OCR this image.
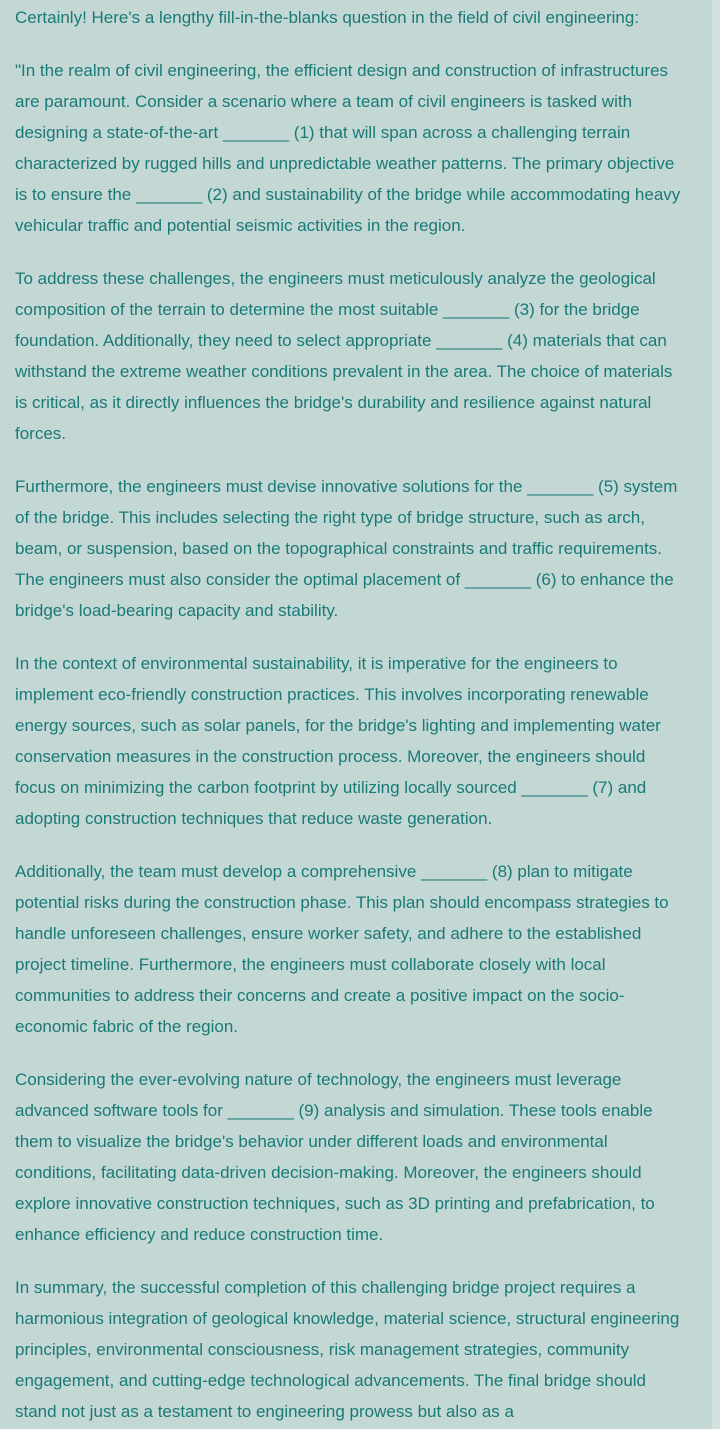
Certainly! Here's a lengthy fill-in-the-blanks question in the field of civil engineering:

"In the realm of civil engineering, the efficient design and construction of infrastructures are paramount. Consider a scenario where a team of civil engineers is tasked with designing a state-of-the-art _______ (1) that will span across a challenging terrain characterized by rugged hills and unpredictable weather patterns. The primary objective is to ensure the _______ (2) and sustainability of the bridge while accommodating heavy vehicular traffic and potential seismic activities in the region.

To address these challenges, the engineers must meticulously analyze the geological composition of the terrain to determine the most suitable _______ (3) for the bridge foundation. Additionally, they need to select appropriate _______ (4) materials that can withstand the extreme weather conditions prevalent in the area. The choice of materials is critical, as it directly influences the bridge's durability and resilience against natural forces.

Furthermore, the engineers must devise innovative solutions for the _______ (5) system of the bridge. This includes selecting the right type of bridge structure, such as arch, beam, or suspension, based on the topographical constraints and traffic requirements. The engineers must also consider the optimal placement of _______ (6) to enhance the bridge's load-bearing capacity and stability.

In the context of environmental sustainability, it is imperative for the engineers to implement eco-friendly construction practices. This involves incorporating renewable energy sources, such as solar panels, for the bridge's lighting and implementing water conservation measures in the construction process. Moreover, the engineers should focus on minimizing the carbon footprint by utilizing locally sourced _______ (7) and adopting construction techniques that reduce waste generation.

Additionally, the team must develop a comprehensive _______ (8) plan to mitigate potential risks during the construction phase. This plan should encompass strategies to handle unforeseen challenges, ensure worker safety, and adhere to the established project timeline. Furthermore, the engineers must collaborate closely with local communities to address their concerns and create a positive impact on the socio-economic fabric of the region.

Considering the ever-evolving nature of technology, the engineers must leverage advanced software tools for _______ (9) analysis and simulation. These tools enable them to visualize the bridge's behavior under different loads and environmental conditions, facilitating data-driven decision-making. Moreover, the engineers should explore innovative construction techniques, such as 3D printing and prefabrication, to enhance efficiency and reduce construction time.

In summary, the successful completion of this challenging bridge project requires a harmonious integration of geological knowledge, material science, structural engineering principles, environmental consciousness, risk management strategies, community engagement, and cutting-edge technological advancements. The final bridge should stand not just as a testament to engineering prowess but also as a
